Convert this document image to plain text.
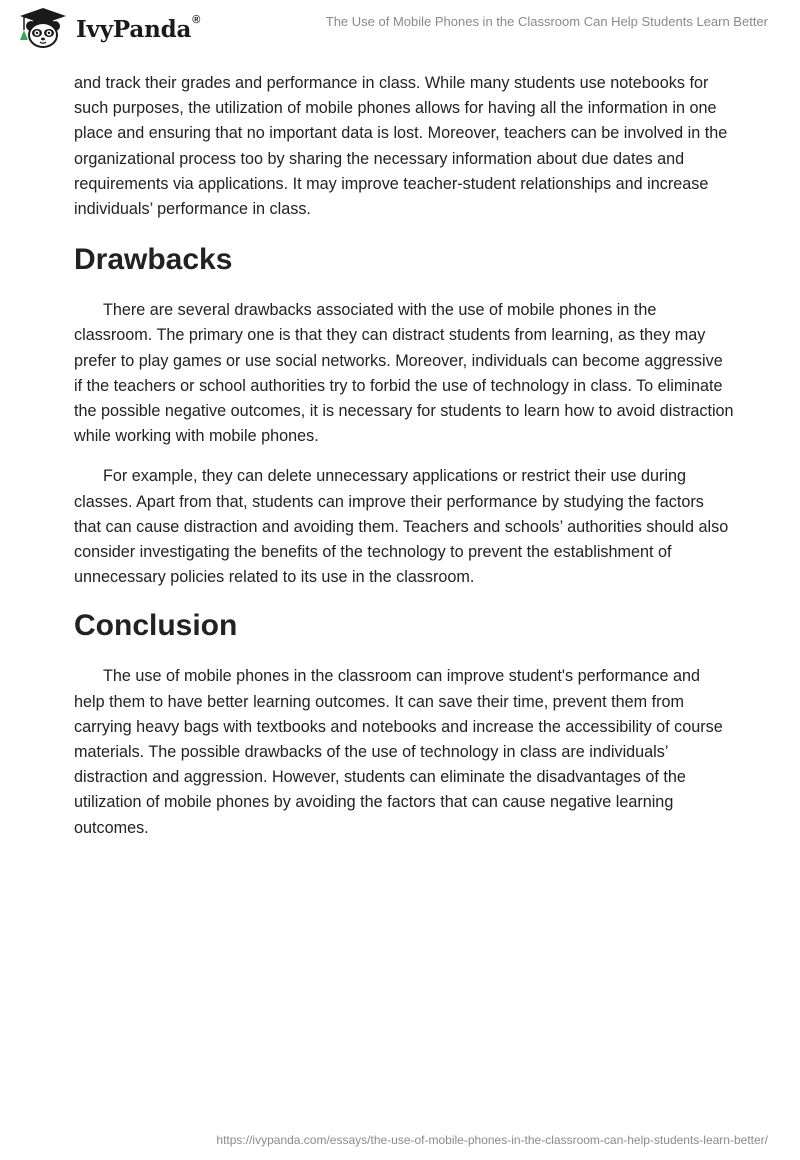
IvyPanda®	The Use of Mobile Phones in the Classroom Can Help Students Learn Better

and track their grades and performance in class. While many students use notebooks for such purposes, the utilization of mobile phones allows for having all the information in one place and ensuring that no important data is lost. Moreover, teachers can be involved in the organizational process too by sharing the necessary information about due dates and requirements via applications. It may improve teacher-student relationships and increase individuals’ performance in class.

Drawbacks

There are several drawbacks associated with the use of mobile phones in the classroom. The primary one is that they can distract students from learning, as they may prefer to play games or use social networks. Moreover, individuals can become aggressive if the teachers or school authorities try to forbid the use of technology in class. To eliminate the possible negative outcomes, it is necessary for students to learn how to avoid distraction while working with mobile phones.

For example, they can delete unnecessary applications or restrict their use during classes. Apart from that, students can improve their performance by studying the factors that can cause distraction and avoiding them. Teachers and schools’ authorities should also consider investigating the benefits of the technology to prevent the establishment of unnecessary policies related to its use in the classroom.

Conclusion

The use of mobile phones in the classroom can improve student's performance and help them to have better learning outcomes. It can save their time, prevent them from carrying heavy bags with textbooks and notebooks and increase the accessibility of course materials. The possible drawbacks of the use of technology in class are individuals’ distraction and aggression. However, students can eliminate the disadvantages of the utilization of mobile phones by avoiding the factors that can cause negative learning outcomes.

https://ivypanda.com/essays/the-use-of-mobile-phones-in-the-classroom-can-help-students-learn-better/
